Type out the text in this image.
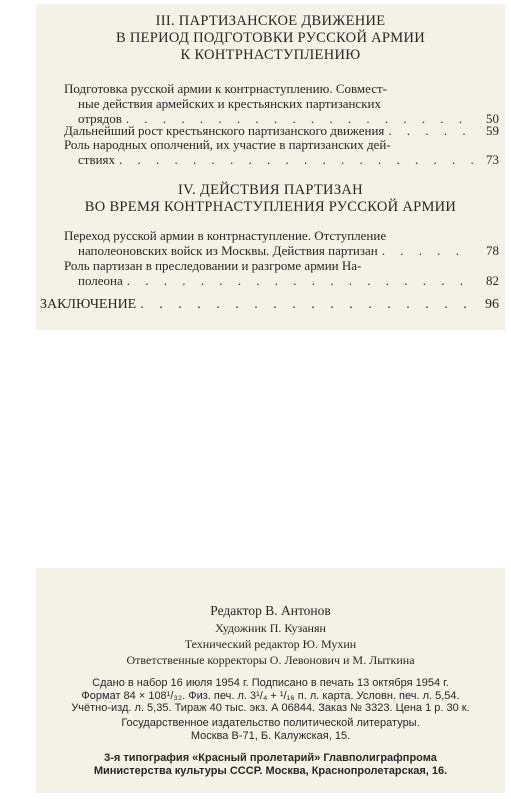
III. ПАРТИЗАНСКОЕ ДВИЖЕНИЕ
В ПЕРИОД ПОДГОТОВКИ РУССКОЙ АРМИИ
К КОНТРНАСТУПЛЕНИЮ
Подготовка русской армии к контрнаступлению. Совмест-
ные действия армейских и крестьянских партизанских
отрядов . . .	50
Дальнейший рост крестьянского партизанского движения . . .	59
Роль народных ополчений, их участие в партизанских дей-
ствиях . . .	73
IV. ДЕЙСТВИЯ ПАРТИЗАН
ВО ВРЕМЯ КОНТРНАСТУПЛЕНИЯ РУССКОЙ АРМИИ
Переход русской армии в контрнаступление. Отступление
наполеоновских войск из Москвы. Действия партизан . . .	78
Роль партизан в преследовании и разгроме армии На-
полеона . . .	82
ЗАКЛЮЧЕНИЕ . . .	96
Редактор В. Антонов
Художник П. Кузанян
Технический редактор Ю. Мухин
Ответственные корректоры О. Левонович и М. Лыткина
Сдано в набор 16 июля 1954 г. Подписано в печать 13 октября 1954 г.
Формат 84 × 108¹/₃₂. Физ. печ. л. 3¹/₄ + ¹/₁₆ п. л. карта. Условн. печ. л. 5,54.
Учётно-изд. л. 5,35. Тираж 40 тыс. экз. А 06844. Заказ № 3323. Цена 1 р. 30 к.
Государственное издательство политической литературы.
Москва В-71, Б. Калужская, 15.
3-я типография «Красный пролетарий» Главполиграфпрома
Министерства культуры СССР. Москва, Краснопролетарская, 16.
